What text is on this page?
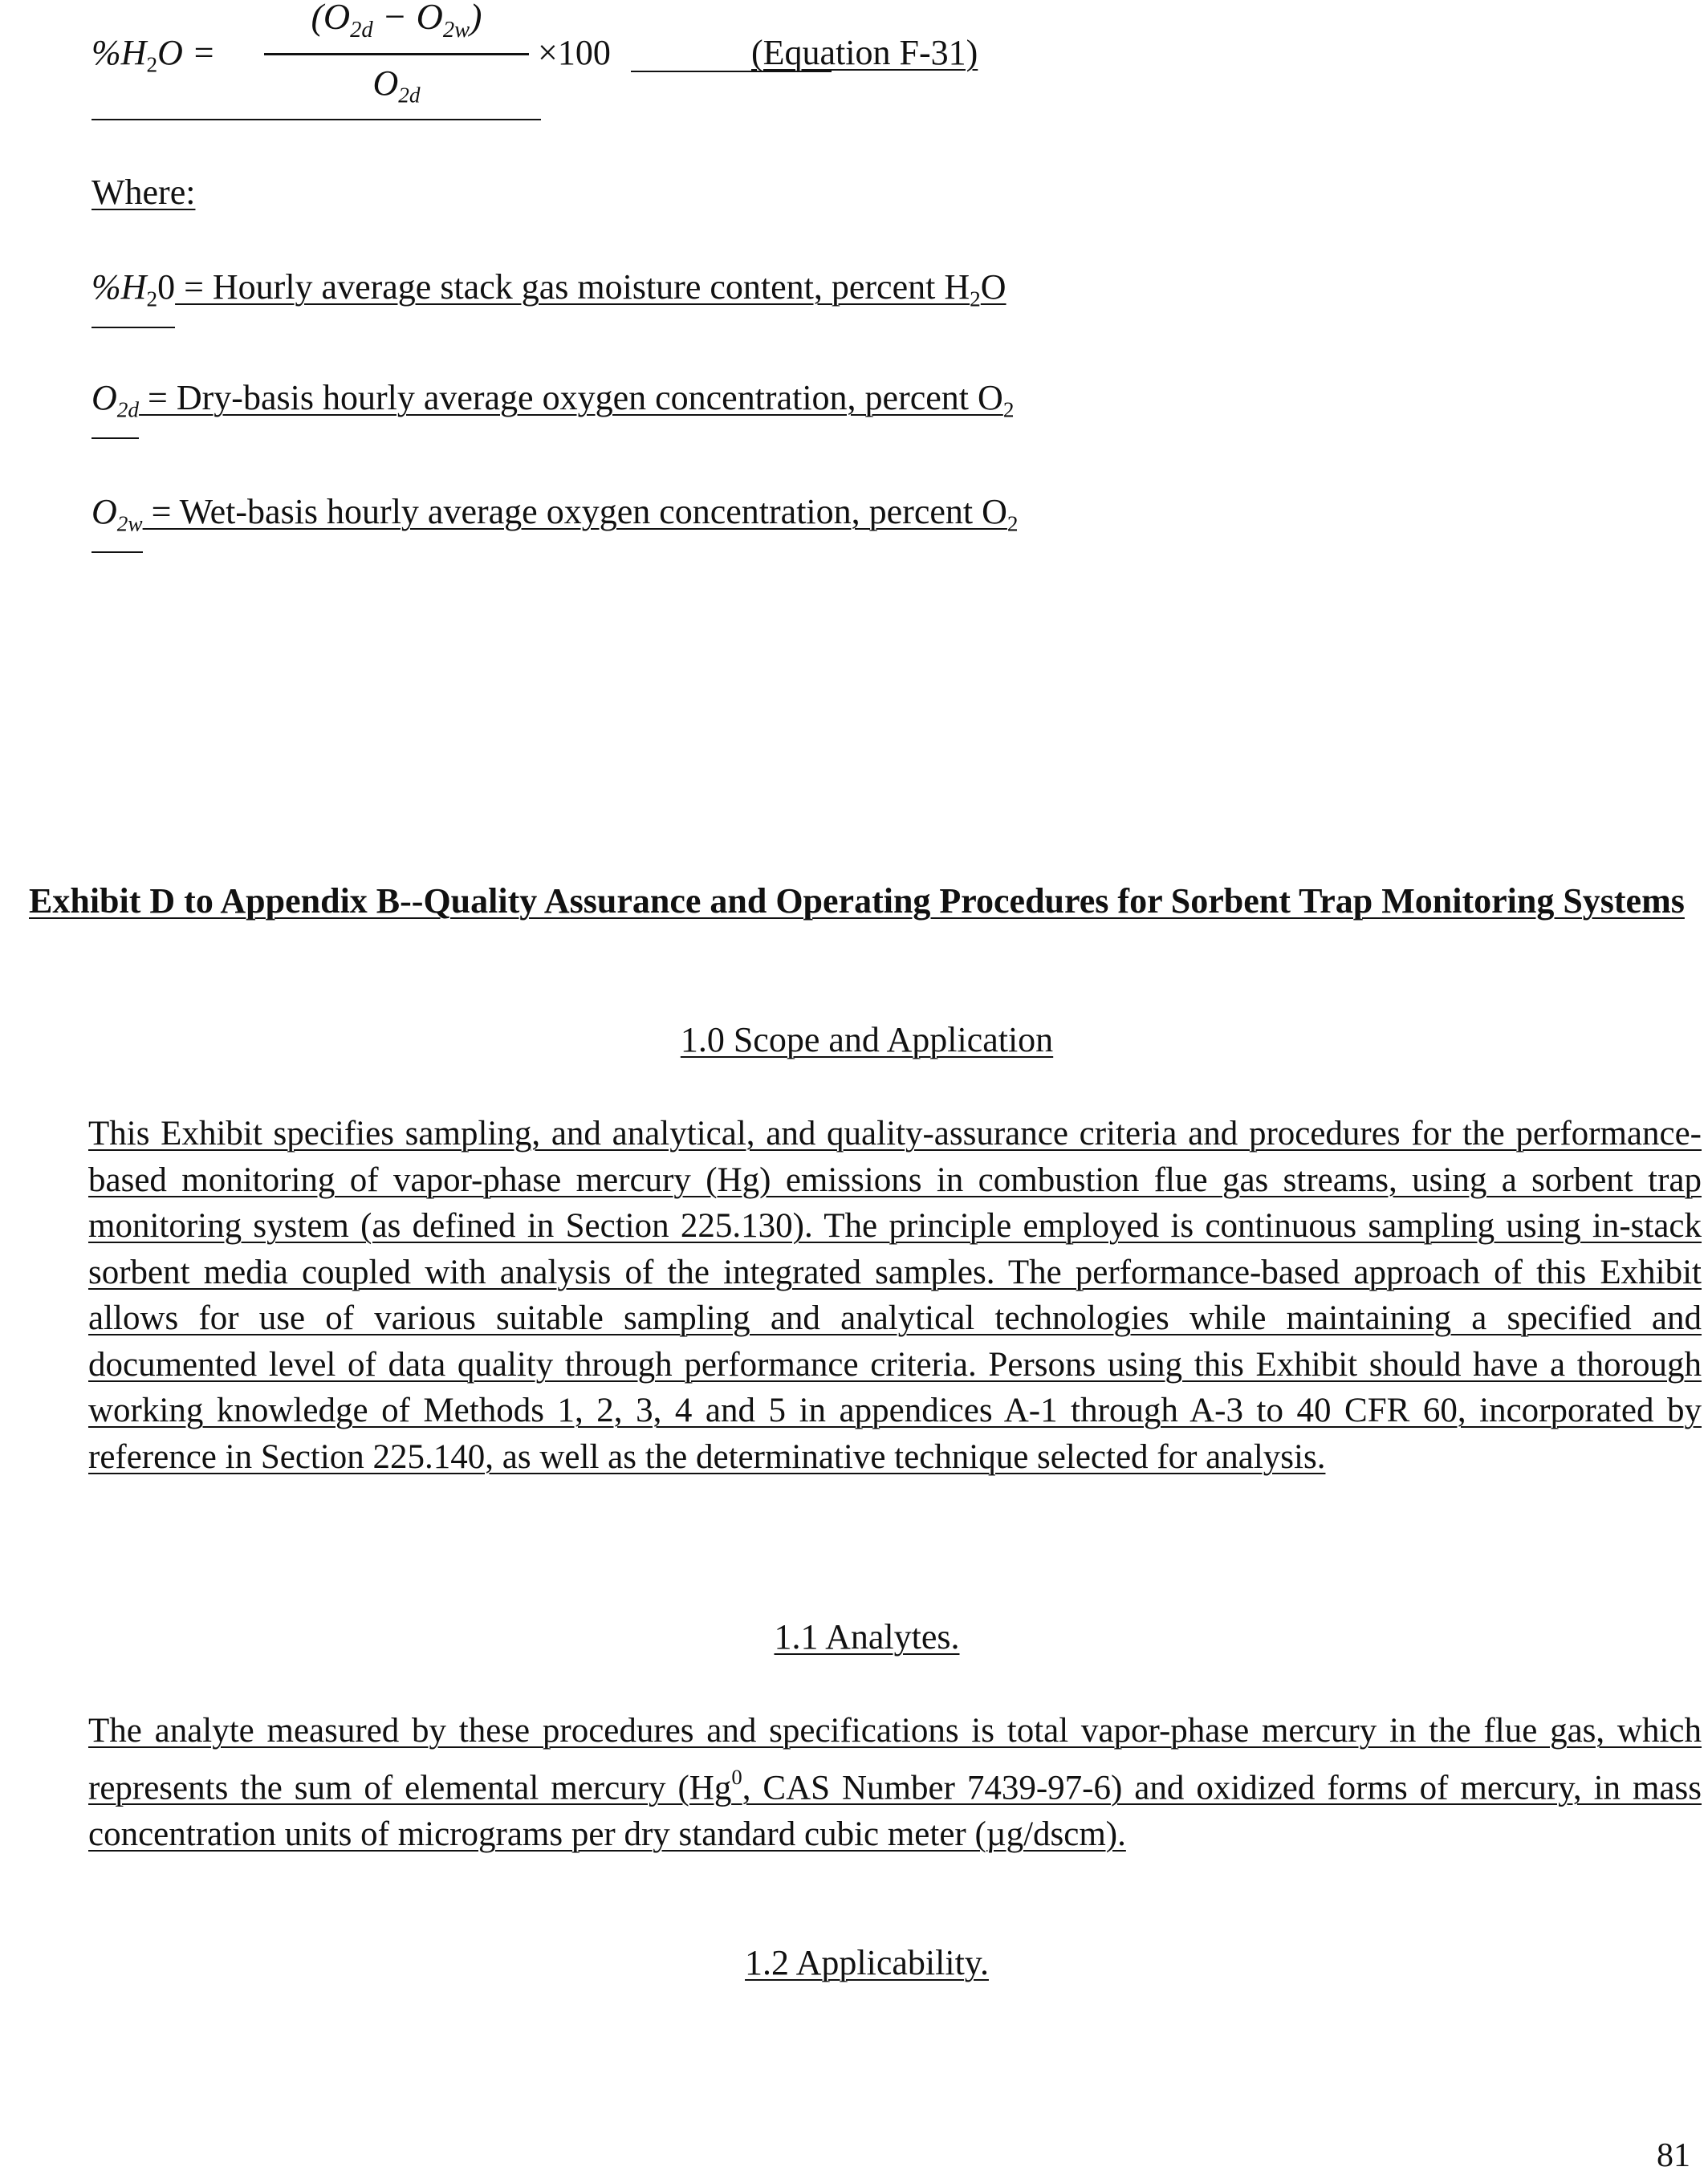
$\%H_2O$ =
$(O_{2d} - O_{2w})$
$O_{2d}$
×100	(Equation F-31)
Where:
$\%H_20$ = Hourly average stack gas moisture content, percent $H_2O$
$O_{2d}$ = Dry-basis hourly average oxygen concentration, percent $O_2$
$O_{2w}$ = Wet-basis hourly average oxygen concentration, percent $O_2$
Exhibit D to Appendix B--Quality Assurance and Operating Procedures for Sorbent Trap Monitoring Systems
1.0 Scope and Application
This Exhibit specifies sampling, and analytical, and quality-assurance criteria and procedures for the performance-based monitoring of vapor-phase mercury (Hg) emissions in combustion flue gas streams, using a sorbent trap monitoring system (as defined in Section 225.130). The principle employed is continuous sampling using in-stack sorbent media coupled with analysis of the integrated samples. The performance-based approach of this Exhibit allows for use of various suitable sampling and analytical technologies while maintaining a specified and documented level of data quality through performance criteria. Persons using this Exhibit should have a thorough working knowledge of Methods 1, 2, 3, 4 and 5 in appendices A-1 through A-3 to 40 CFR 60, incorporated by reference in Section 225.140, as well as the determinative technique selected for analysis.
1.1 Analytes.
The analyte measured by these procedures and specifications is total vapor-phase mercury in the flue gas, which represents the sum of elemental mercury (Hg$^0$, CAS Number 7439-97-6) and oxidized forms of mercury, in mass concentration units of micrograms per dry standard cubic meter (µg/dscm).
1.2 Applicability.
81
